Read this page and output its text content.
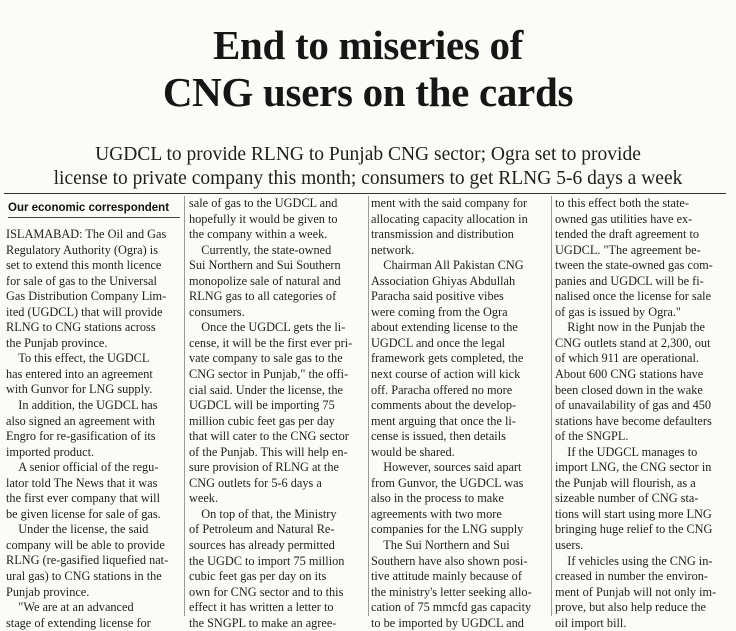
End to miseries of
CNG users on the cards
UGDCL to provide RLNG to Punjab CNG sector; Ogra set to provide
license to private company this month; consumers to get RLNG 5-6 days a week
Our economic correspondent
ISLAMABAD: The Oil and Gas
Regulatory Authority (Ogra) is
set to extend this month licence
for sale of gas to the Universal
Gas Distribution Company Lim-
ited (UGDCL) that will provide
RLNG to CNG stations across
the Punjab province.
 To this effect, the UGDCL
has entered into an agreement
with Gunvor for LNG supply.
 In addition, the UGDCL has
also signed an agreement with
Engro for re-gasification of its
imported product.
 A senior official of the regu-
lator told The News that it was
the first ever company that will
be given license for sale of gas.
 Under the license, the said
company will be able to provide
RLNG (re-gasified liquefied nat-
ural gas) to CNG stations in the
Punjab province.
 "We are at an advanced
stage of extending license for
sale of gas to the UGDCL and
hopefully it would be given to
the company within a week.
 Currently, the state-owned
Sui Northern and Sui Southern
monopolize sale of natural and
RLNG gas to all categories of
consumers.
 Once the UGDCL gets the li-
cense, it will be the first ever pri-
vate company to sale gas to the
CNG sector in Punjab," the offi-
cial said. Under the license, the
UGDCL will be importing 75
million cubic feet gas per day
that will cater to the CNG sector
of the Punjab. This will help en-
sure provision of RLNG at the
CNG outlets for 5-6 days a
week.
 On top of that, the Ministry
of Petroleum and Natural Re-
sources has already permitted
the UGDC to import 75 million
cubic feet gas per day on its
own for CNG sector and to this
effect it has written a letter to
the SNGPL to make an agree-
ment with the said company for
allocating capacity allocation in
transmission and distribution
network.
 Chairman All Pakistan CNG
Association Ghiyas Abdullah
Paracha said positive vibes
were coming from the Ogra
about extending license to the
UGDCL and once the legal
framework gets completed, the
next course of action will kick
off. Paracha offered no more
comments about the develop-
ment arguing that once the li-
cense is issued, then details
would be shared.
 However, sources said apart
from Gunvor, the UGDCL was
also in the process to make
agreements with two more
companies for the LNG supply
 The Sui Northern and Sui
Southern have also shown posi-
tive attitude mainly because of
the ministry's letter seeking allo-
cation of 75 mmcfd gas capacity
to be imported by UGDCL and
to this effect both the state-
owned gas utilities have ex-
tended the draft agreement to
UGDCL. "The agreement be-
tween the state-owned gas com-
panies and UGDCL will be fi-
nalised once the license for sale
of gas is issued by Ogra."
 Right now in the Punjab the
CNG outlets stand at 2,300, out
of which 911 are operational.
About 600 CNG stations have
been closed down in the wake
of unavailability of gas and 450
stations have become defaulters
of the SNGPL.
 If the UDGCL manages to
import LNG, the CNG sector in
the Punjab will flourish, as a
sizeable number of CNG sta-
tions will start using more LNG
bringing huge relief to the CNG
users.
 If vehicles using the CNG in-
creased in number the environ-
ment of Punjab will not only im-
prove, but also help reduce the
oil import bill.
